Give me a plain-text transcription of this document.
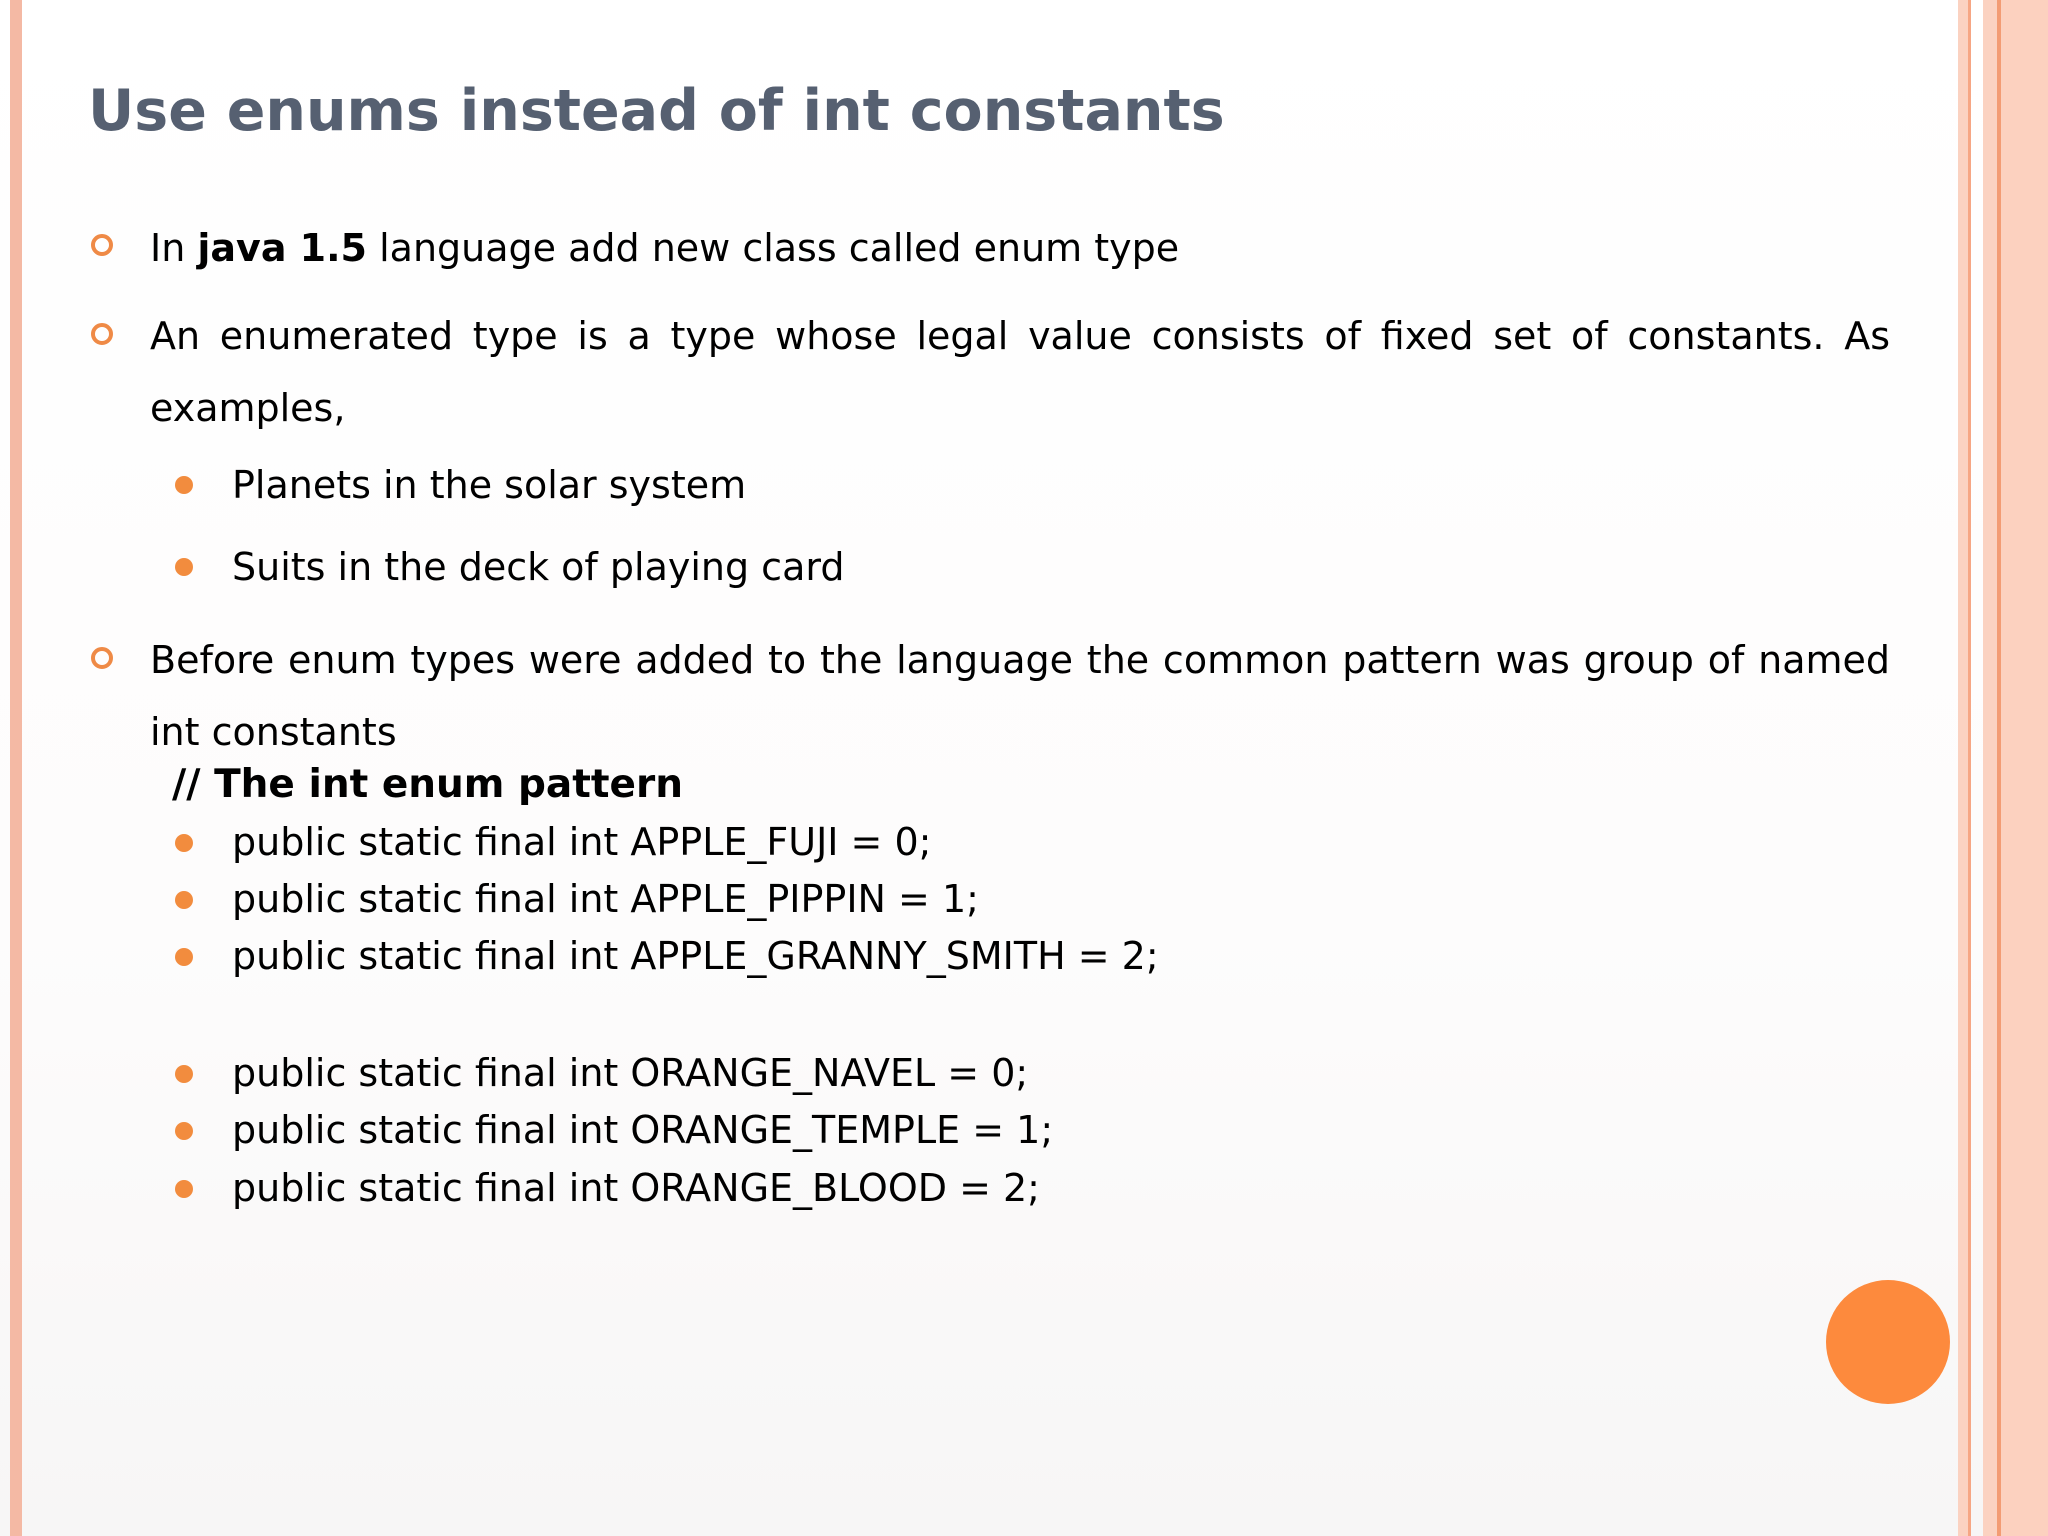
Use enums instead of int constants
In java 1.5 language add new class called enum type
An enumerated type is a type whose legal value consists of fixed set of constants. As examples,
Planets in the solar system
Suits in the deck of playing card
Before enum types were added to the language the common pattern was group of named int constants
// The int enum pattern
public static final int APPLE_FUJI = 0;
public static final int APPLE_PIPPIN = 1;
public static final int APPLE_GRANNY_SMITH = 2;
public static final int ORANGE_NAVEL = 0;
public static final int ORANGE_TEMPLE = 1;
public static final int ORANGE_BLOOD = 2;
